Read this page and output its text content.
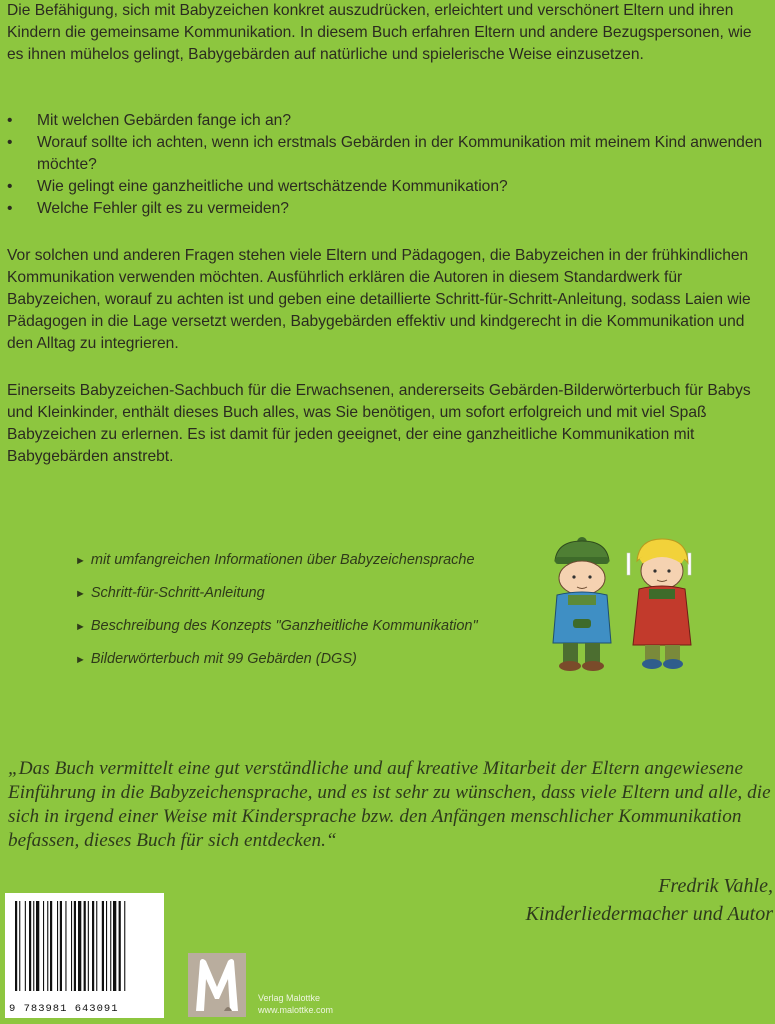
Die Befähigung, sich mit Babyzeichen konkret auszudrücken, erleichtert und verschönert Eltern und ihren Kindern die gemeinsame Kommunikation. In diesem Buch erfahren Eltern und andere Bezugspersonen, wie es ihnen mühelos gelingt, Babygebärden auf natürliche und spielerische Weise einzusetzen.

• Mit welchen Gebärden fange ich an?
• Worauf sollte ich achten, wenn ich erstmals Gebärden in der Kommunikation mit meinem Kind anwenden möchte?
• Wie gelingt eine ganzheitliche und wertschätzende Kommunikation?
• Welche Fehler gilt es zu vermeiden?

Vor solchen und anderen Fragen stehen viele Eltern und Pädagogen, die Babyzeichen in der frühkindlichen Kommunikation verwenden möchten. Ausführlich erklären die Autoren in diesem Standardwerk für Babyzeichen, worauf zu achten ist und geben eine detaillierte Schritt-für-Schritt-Anleitung, sodass Laien wie Pädagogen in die Lage versetzt werden, Babygebärden effektiv und kindgerecht in die Kommunikation und den Alltag zu integrieren.

Einerseits Babyzeichen-Sachbuch für die Erwachsenen, andererseits Gebärden-Bilderwörterbuch für Babys und Kleinkinder, enthält dieses Buch alles, was Sie benötigen, um sofort erfolgreich und mit viel Spaß Babyzeichen zu erlernen. Es ist damit für jeden geeignet, der eine ganzheitliche Kommunikation mit Babygebärden anstrebt.

► mit umfangreichen Informationen über Babyzeichensprache
► Schritt-für-Schritt-Anleitung
► Beschreibung des Konzepts "Ganzheitliche Kommunikation"
► Bilderwörterbuch mit 99 Gebärden (DGS)

„Das Buch vermittelt eine gut verständliche und auf kreative Mitarbeit der Eltern angewiesene Einführung in die Babyzeichensprache, und es ist sehr zu wünschen, dass viele Eltern und alle, die sich in irgend einer Weise mit Kindersprache bzw. den Anfängen menschlicher Kommunikation befassen, dieses Buch für sich entdecken.“

Fredrik Vahle,
Kinderliedermacher und Autor
9 783981 643091
Verlag Malottke
www.malottke.com
